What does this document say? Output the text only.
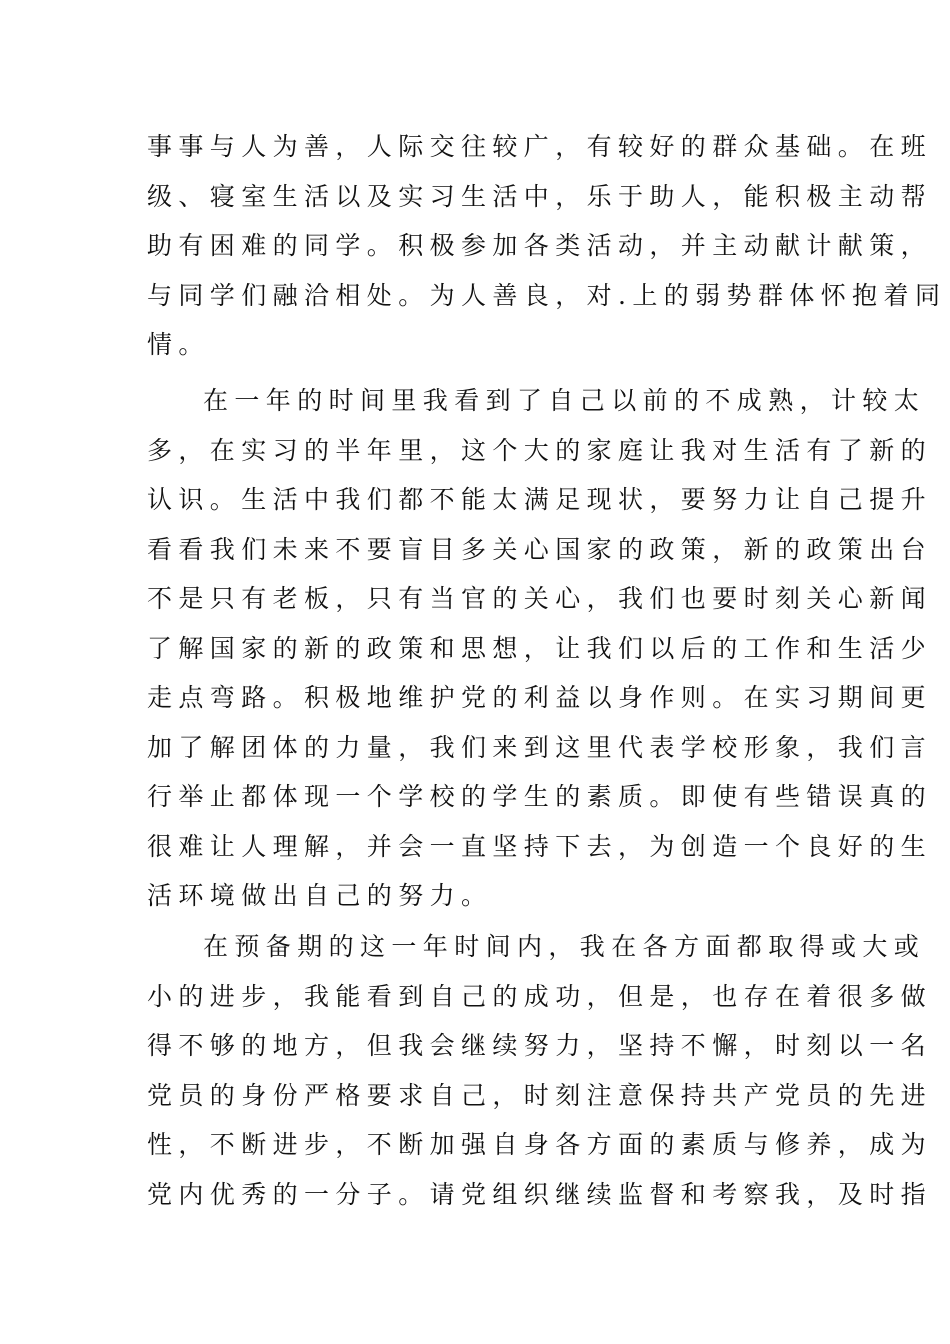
事事与人为善，人际交往较广，有较好的群众基础。在班
级、寝室生活以及实习生活中，乐于助人，能积极主动帮
助有困难的同学。积极参加各类活动，并主动献计献策，
与同学们融洽相处。为人善良，对.上的弱势群体怀抱着同
情。
在一年的时间里我看到了自己以前的不成熟，计较太
多，在实习的半年里，这个大的家庭让我对生活有了新的
认识。生活中我们都不能太满足现状，要努力让自己提升
看看我们未来不要盲目多关心国家的政策，新的政策出台
不是只有老板，只有当官的关心，我们也要时刻关心新闻
了解国家的新的政策和思想，让我们以后的工作和生活少
走点弯路。积极地维护党的利益以身作则。在实习期间更
加了解团体的力量，我们来到这里代表学校形象，我们言
行举止都体现一个学校的学生的素质。即使有些错误真的
很难让人理解，并会一直坚持下去，为创造一个良好的生
活环境做出自己的努力。
在预备期的这一年时间内，我在各方面都取得或大或
小的进步，我能看到自己的成功，但是，也存在着很多做
得不够的地方，但我会继续努力，坚持不懈，时刻以一名
党员的身份严格要求自己，时刻注意保持共产党员的先进
性，不断进步，不断加强自身各方面的素质与修养，成为
党内优秀的一分子。请党组织继续监督和考察我，及时指
